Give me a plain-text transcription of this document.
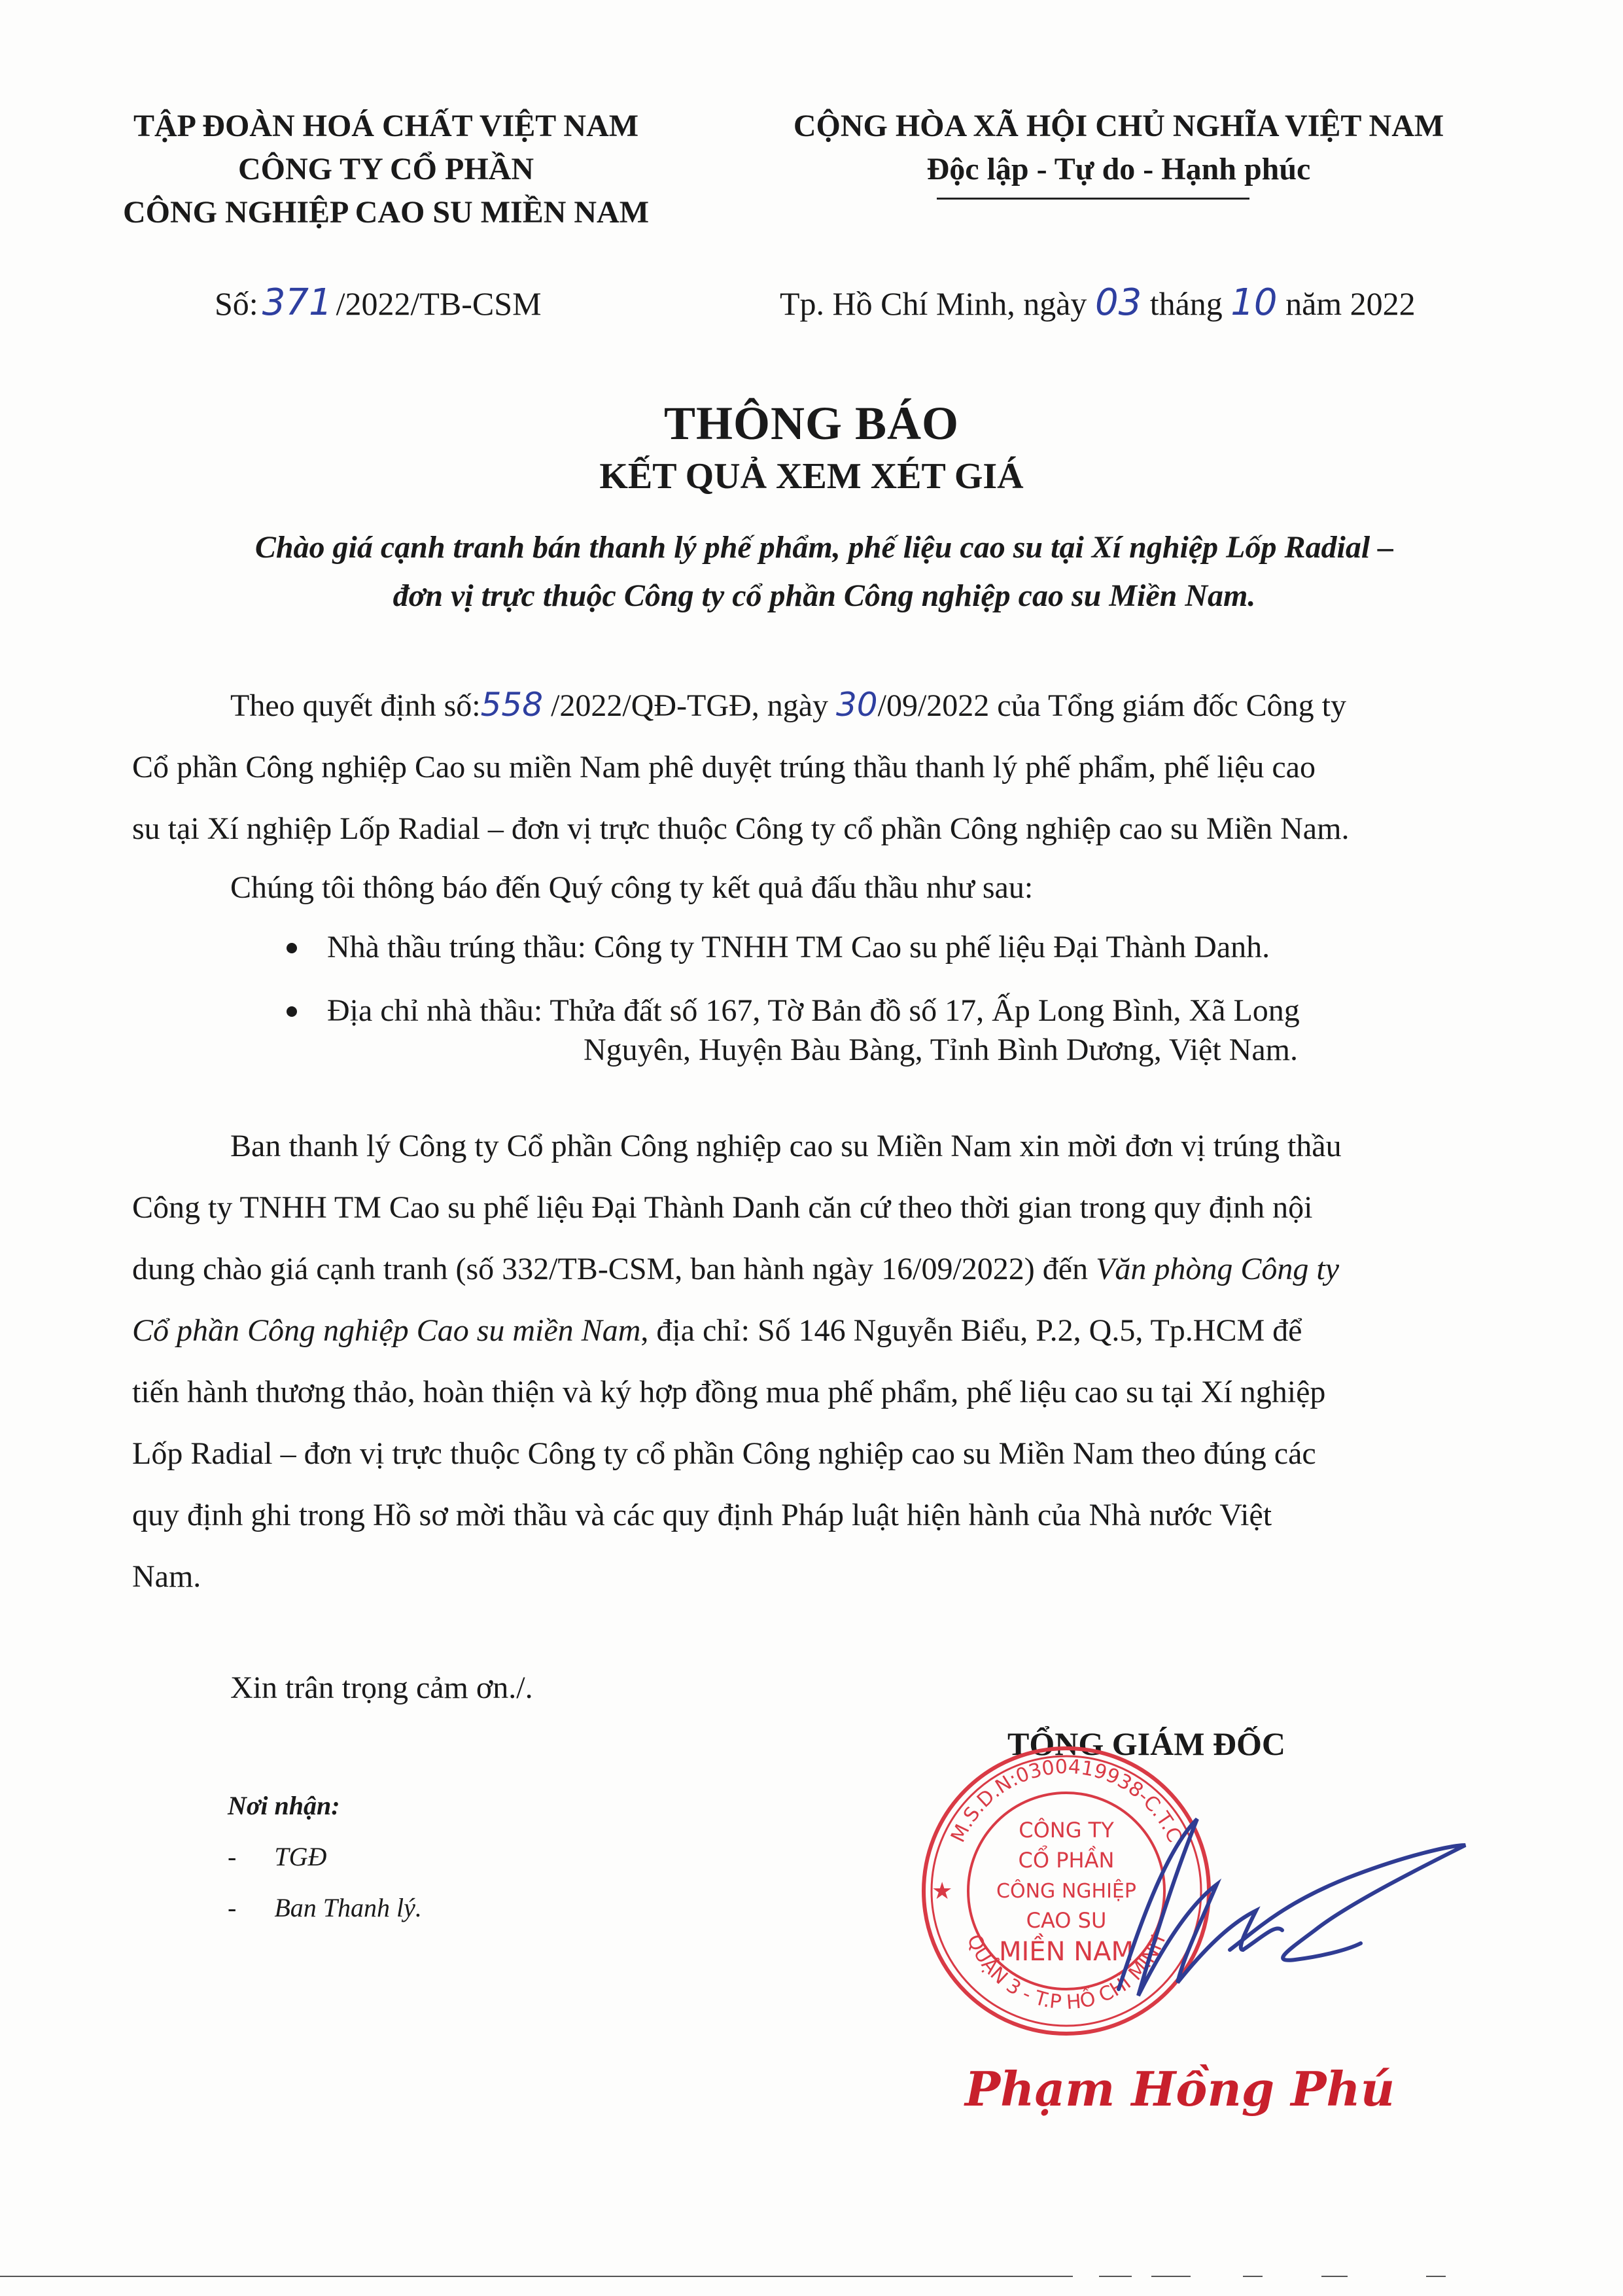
TẬP ĐOÀN HOÁ CHẤT VIỆT NAM
CÔNG TY CỔ PHẦN
CÔNG NGHIỆP CAO SU MIỀN NAM
CỘNG HÒA XÃ HỘI CHỦ NGHĨA VIỆT NAM
Độc lập - Tự do - Hạnh phúc
Số: 371 /2022/TB-CSM	Tp. Hồ Chí Minh, ngày 03 tháng 10 năm 2022
THÔNG BÁO
KẾT QUẢ XEM XÉT GIÁ
Chào giá cạnh tranh bán thanh lý phế phẩm, phế liệu cao su tại Xí nghiệp Lốp Radial –
đơn vị trực thuộc Công ty cổ phần Công nghiệp cao su Miền Nam.
Theo quyết định số:558 /2022/QĐ-TGĐ, ngày 30/09/2022 của Tổng giám đốc Công ty
Cổ phần Công nghiệp Cao su miền Nam phê duyệt trúng thầu thanh lý phế phẩm, phế liệu cao
su tại Xí nghiệp Lốp Radial – đơn vị trực thuộc Công ty cổ phần Công nghiệp cao su Miền Nam.
Chúng tôi thông báo đến Quý công ty kết quả đấu thầu như sau:
Nhà thầu trúng thầu: Công ty TNHH TM Cao su phế liệu Đại Thành Danh.
Địa chỉ nhà thầu: Thửa đất số 167, Tờ Bản đồ số 17, Ấp Long Bình, Xã Long
Nguyên, Huyện Bàu Bàng, Tỉnh Bình Dương, Việt Nam.
Ban thanh lý Công ty Cổ phần Công nghiệp cao su Miền Nam xin mời đơn vị trúng thầu
Công ty TNHH TM Cao su phế liệu Đại Thành Danh căn cứ theo thời gian trong quy định nội
dung chào giá cạnh tranh (số 332/TB-CSM, ban hành ngày 16/09/2022) đến Văn phòng Công ty
Cổ phần Công nghiệp Cao su miền Nam, địa chỉ: Số 146 Nguyễn Biểu, P.2, Q.5, Tp.HCM để
tiến hành thương thảo, hoàn thiện và ký hợp đồng mua phế phẩm, phế liệu cao su tại Xí nghiệp
Lốp Radial – đơn vị trực thuộc Công ty cổ phần Công nghiệp cao su Miền Nam theo đúng các
quy định ghi trong Hồ sơ mời thầu và các quy định Pháp luật hiện hành của Nhà nước Việt
Nam.
Xin trân trọng cảm ơn./.
TỔNG GIÁM ĐỐC
Nơi nhận:
- TGĐ
- Ban Thanh lý.
M.S.D.N:0300419938-C.T.C
QUẬN 3 - T.P HỒ CHÍ MINH
★
CÔNG TY
CỔ PHẦN
CÔNG NGHIỆP
CAO SU
MIỀN NAM
Phạm Hồng Phú
